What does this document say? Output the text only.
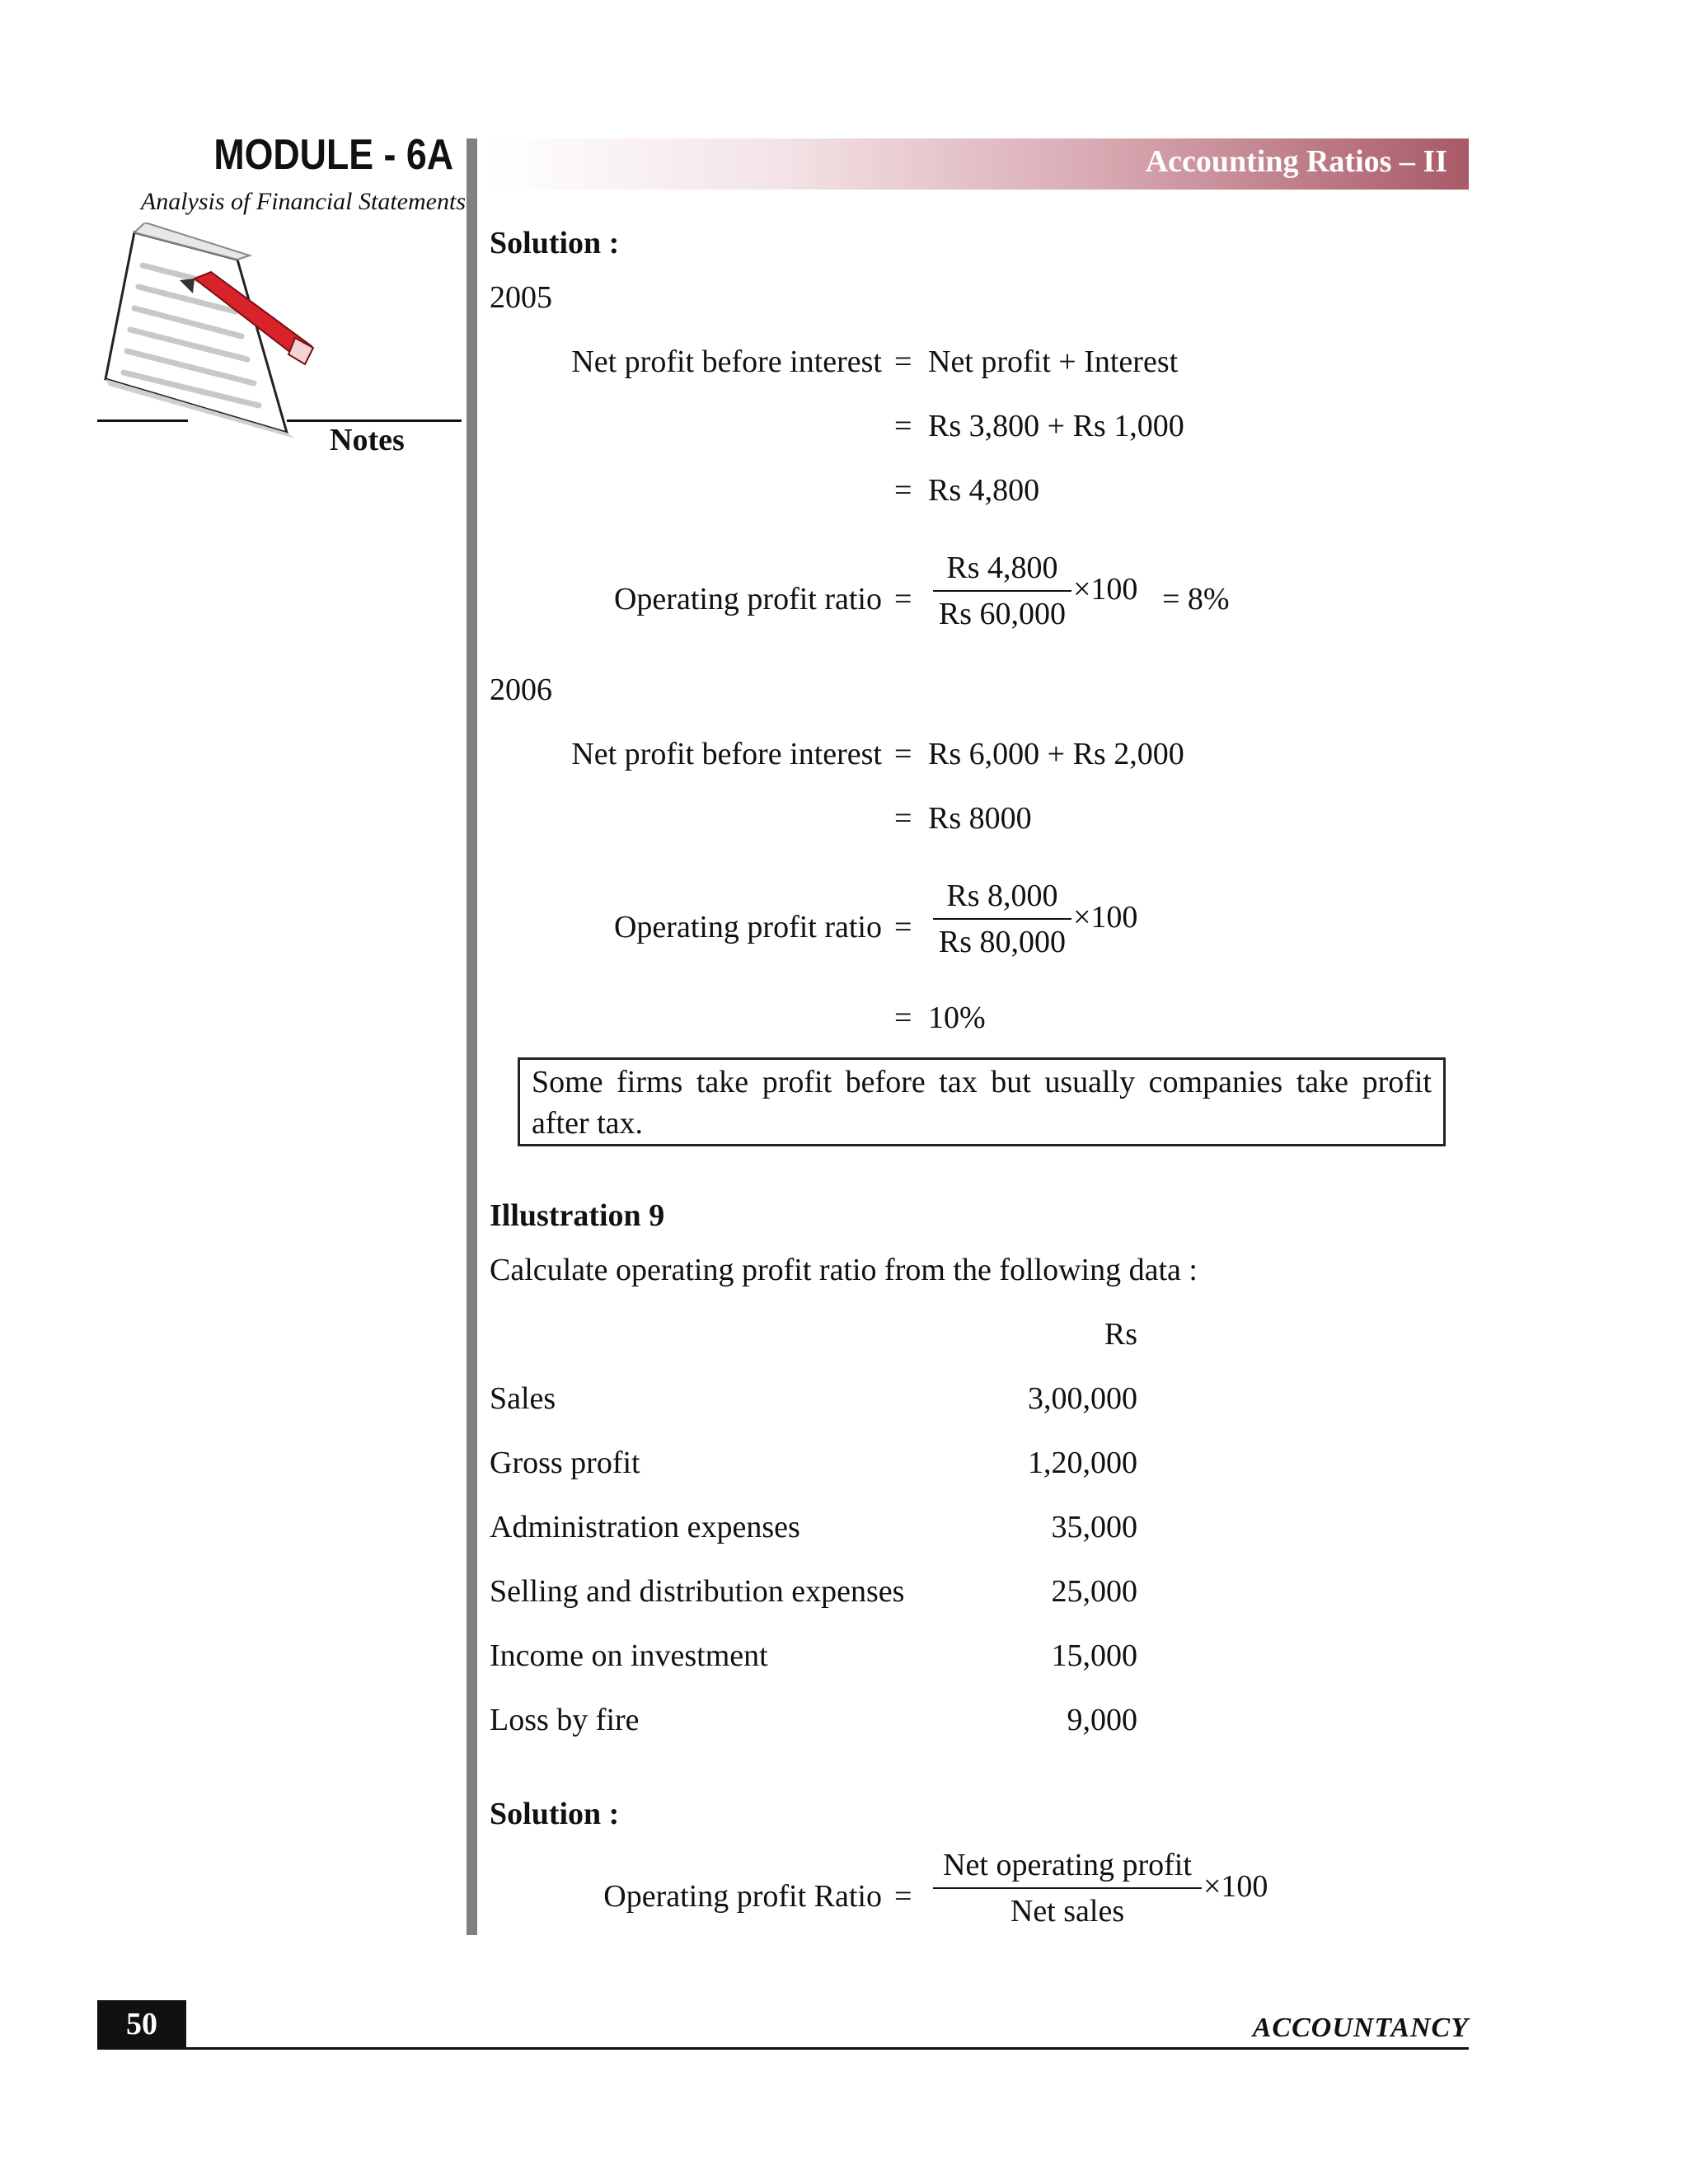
MODULE - 6A
Analysis of Financial Statements
Notes
Accounting Ratios – II
Solution :
2005
Net profit before interest = Net profit + Interest
= Rs 3,800 + Rs 1,000
= Rs 4,800
Operating profit ratio = $\frac{Rs 4,800}{Rs 60,000} \times 100 = 8\%$
2006
Net profit before interest = Rs 6,000 + Rs 2,000
= Rs 8000
Operating profit ratio = $\frac{Rs 8,000}{Rs 80,000} \times 100$
= 10%
Some firms take profit before tax but usually companies take profit
after tax.
Illustration 9
Calculate operating profit ratio from the following data :
Rs
Sales	3,00,000
Gross profit	1,20,000
Administration expenses	35,000
Selling and distribution expenses	25,000
Income on investment	15,000
Loss by fire	9,000
Solution :
Operating profit Ratio =
Net operating profit
Net sales
×100
50	ACCOUNTANCY
